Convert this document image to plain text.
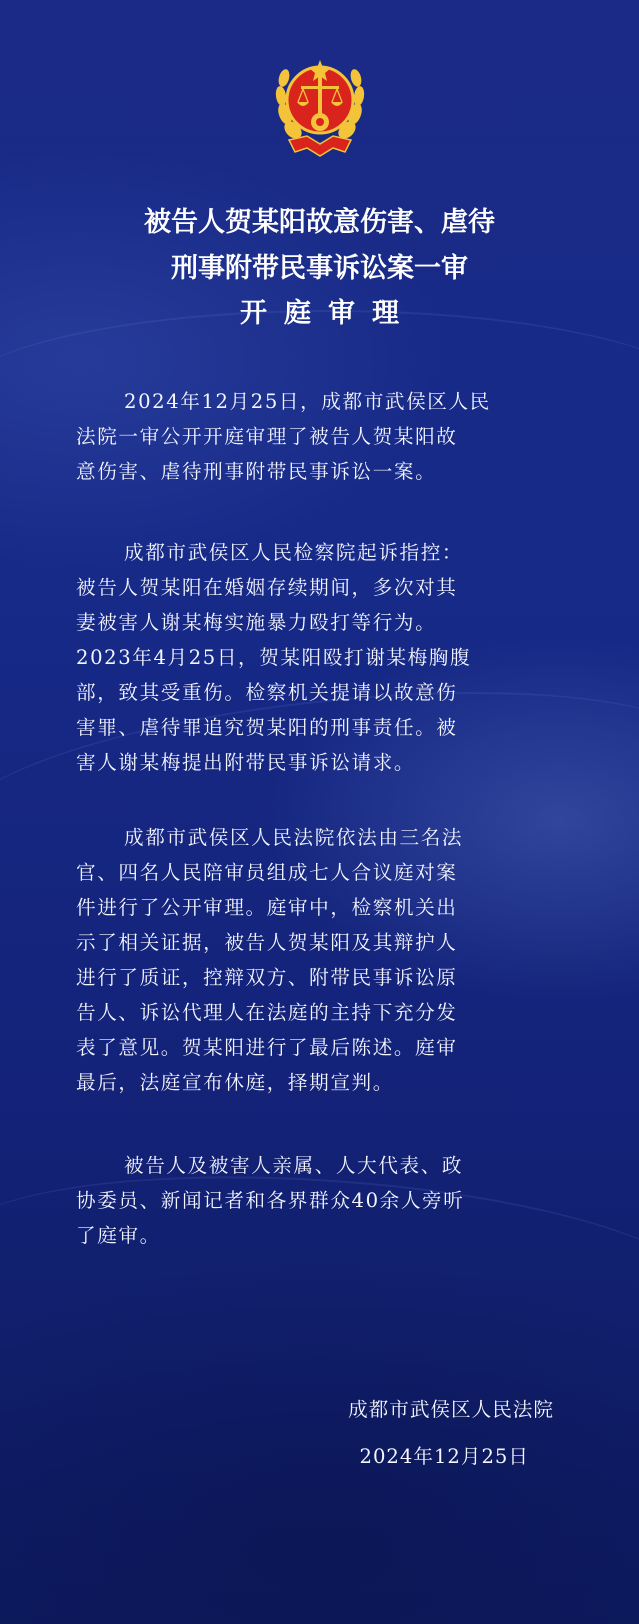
被告人贺某阳故意伤害、虐待
刑事附带民事诉讼案一审
开庭审理
2024年12月25日，成都市武侯区人民
法院一审公开开庭审理了被告人贺某阳故
意伤害、虐待刑事附带民事诉讼一案。
成都市武侯区人民检察院起诉指控：
被告人贺某阳在婚姻存续期间，多次对其
妻被害人谢某梅实施暴力殴打等行为。
2023年4月25日，贺某阳殴打谢某梅胸腹
部，致其受重伤。检察机关提请以故意伤
害罪、虐待罪追究贺某阳的刑事责任。被
害人谢某梅提出附带民事诉讼请求。
成都市武侯区人民法院依法由三名法
官、四名人民陪审员组成七人合议庭对案
件进行了公开审理。庭审中，检察机关出
示了相关证据，被告人贺某阳及其辩护人
进行了质证，控辩双方、附带民事诉讼原
告人、诉讼代理人在法庭的主持下充分发
表了意见。贺某阳进行了最后陈述。庭审
最后，法庭宣布休庭，择期宣判。
被告人及被害人亲属、人大代表、政
协委员、新闻记者和各界群众40余人旁听
了庭审。
成都市武侯区人民法院
2024年12月25日
